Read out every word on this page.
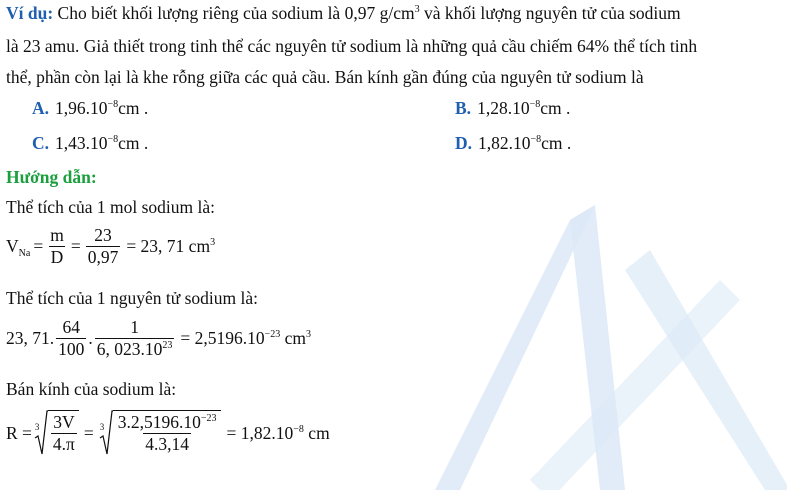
Ví dụ: Cho biết khối lượng riêng của sodium là 0,97 $g/cm^3$ và khối lượng nguyên tử của sodium
là 23 amu. Giả thiết trong tinh thể các nguyên tử sodium là những quả cầu chiếm 64% thể tích tinh
thể, phần còn lại là khe rỗng giữa các quả cầu. Bán kính gần đúng của nguyên tử sodium là
A. $1,96.10^{-8}cm$ .	B. $1,28.10^{-8}cm$ .
C. $1,43.10^{-8}cm$ .	D. $1,82.10^{-8}cm$ .
Hướng dẫn:
Thể tích của 1 mol sodium là:
$V_{Na} = \frac{m}{D} = \frac{23}{0,97} = 23$, 71 $cm^3$
Thể tích của 1 nguyên tử sodium là:
23, 71. $\frac{64}{100}$ . $\frac{1}{6, 023.10^{23}} = 2,5196.10^{-23}$ $cm^3$
Bán kính của sodium là:
$R = 3 \frac{3V}{4.\pi} = 3 \frac{3.2,5196.10^{-23}}{4.3,14} = 1,82.10^{-8}$ cm
